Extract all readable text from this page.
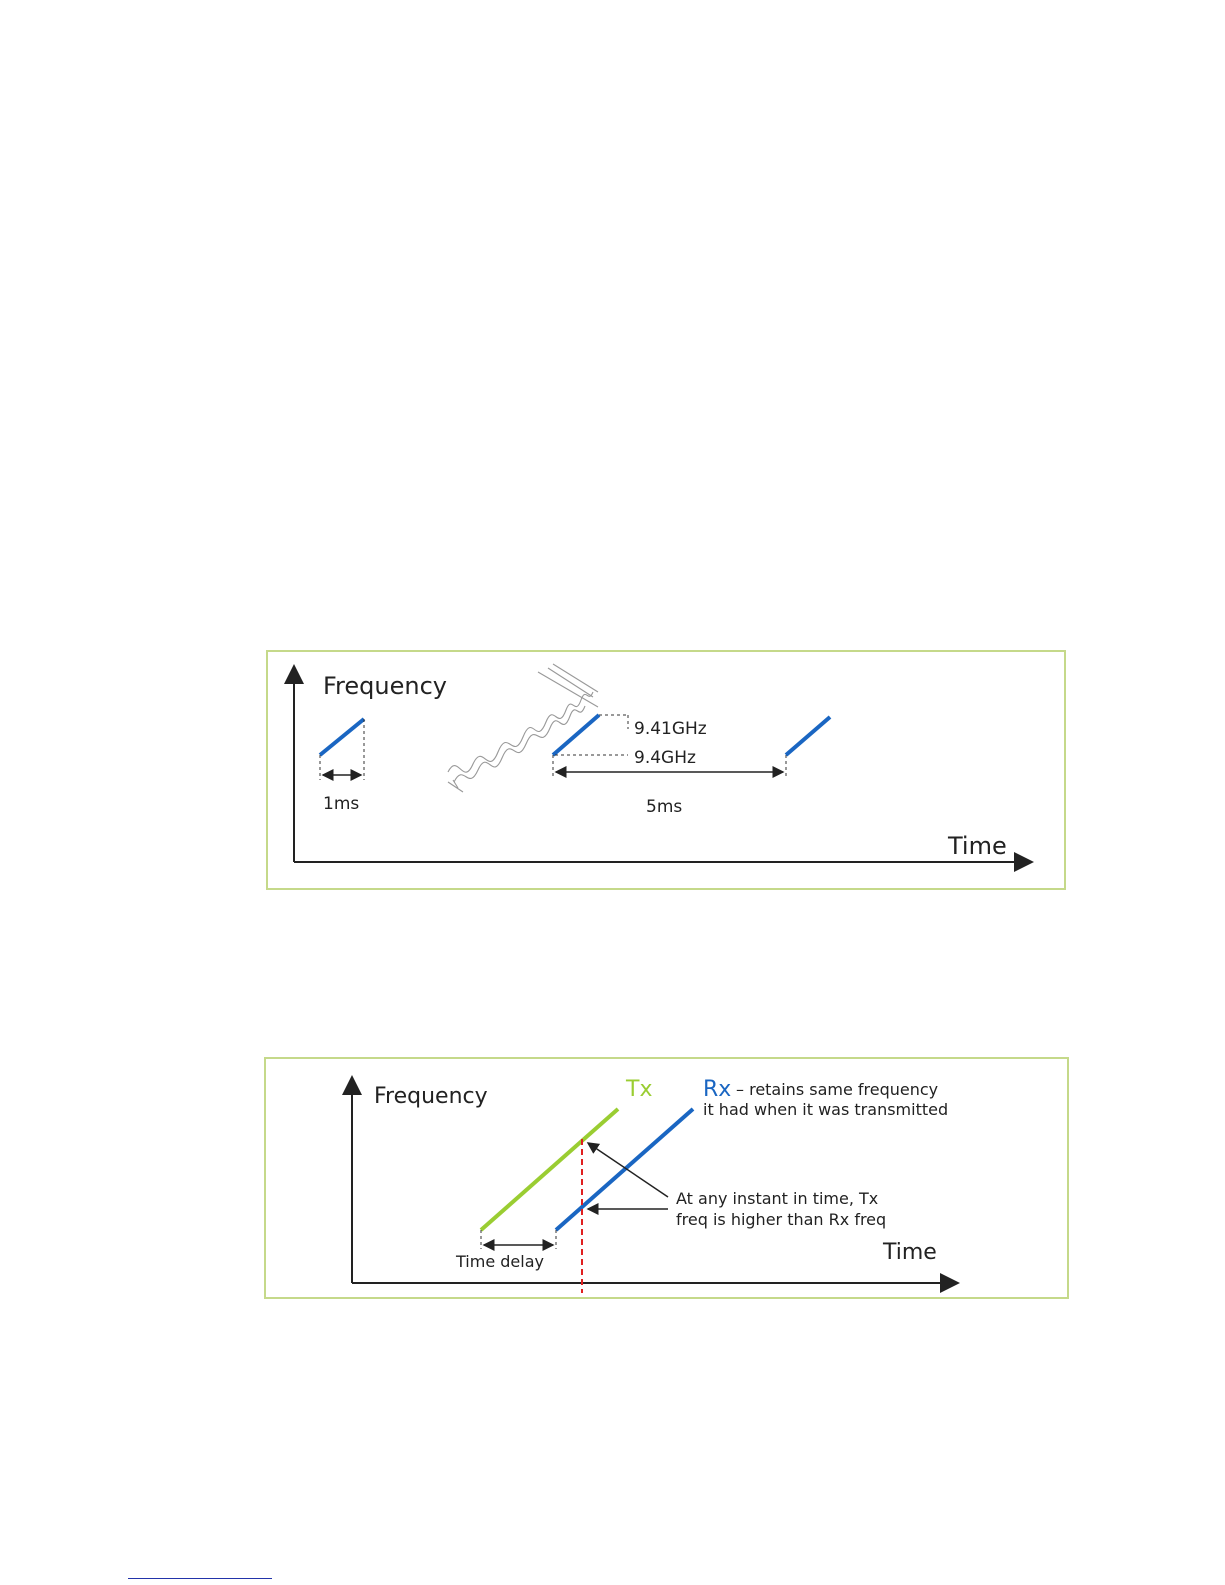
Frequency
Time
1ms
9.41GHz
9.4GHz
5ms
Frequency
Time
Tx Rx – retains same frequency
it had when it was transmitted
At any instant in time, Tx
freq is higher than Rx freq
Time delay
